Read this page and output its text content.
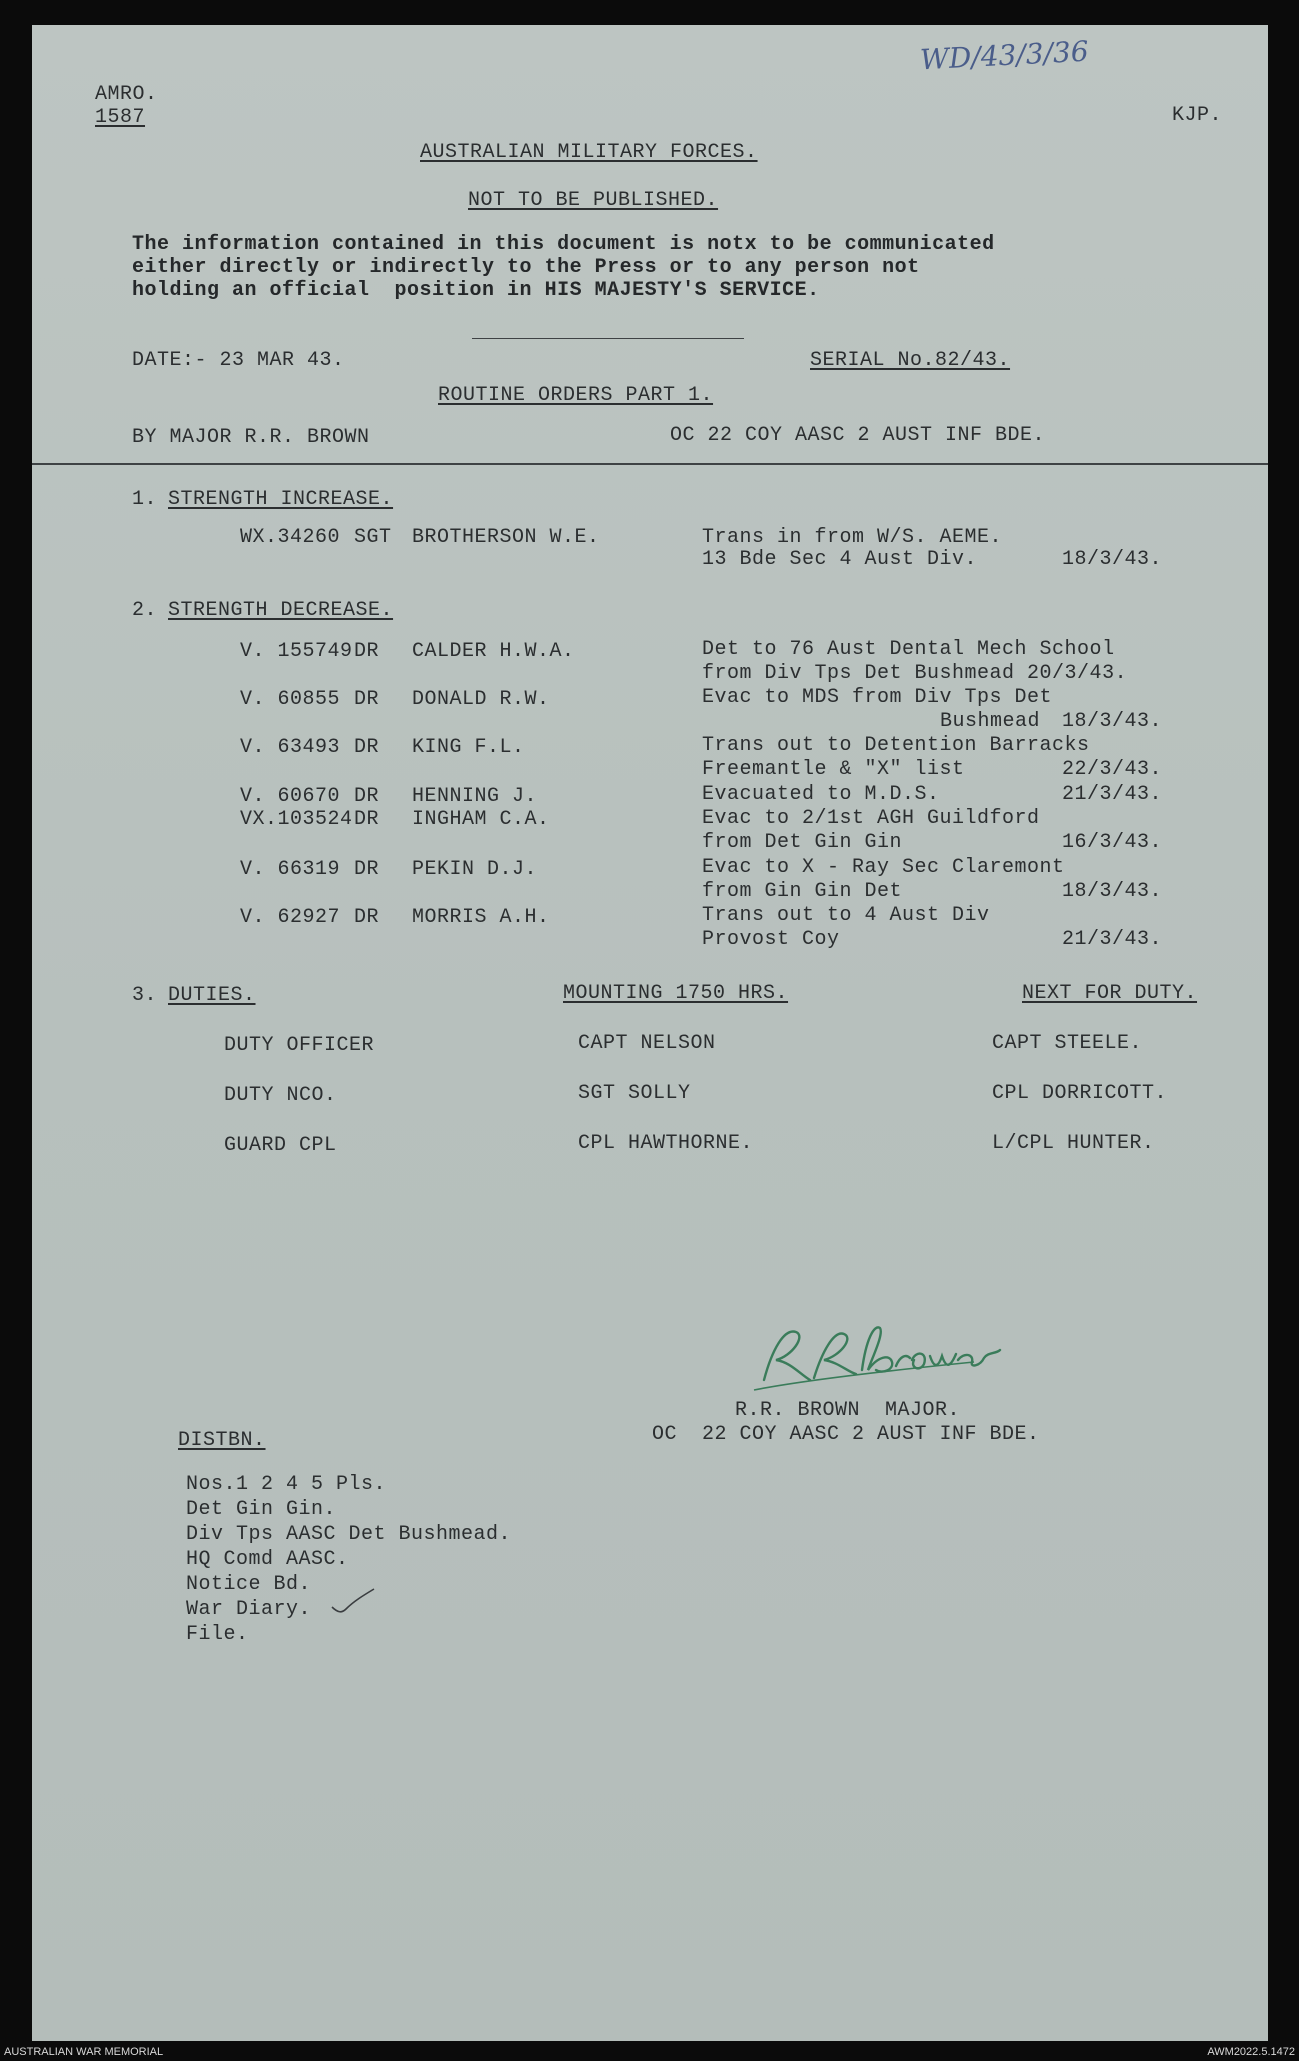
WD/43/3/36
AMRO.
1587	KJP.
AUSTRALIAN MILITARY FORCES.
NOT TO BE PUBLISHED.
The information contained in this document is notx to be communicated
either directly or indirectly to the Press or to any person not
holding an official  position in HIS MAJESTY'S SERVICE.
DATE:- 23 MAR 43.	SERIAL No.82/43.
ROUTINE ORDERS PART 1.
BY MAJOR R.R. BROWN	OC 22 COY AASC 2 AUST INF BDE.
1. STRENGTH INCREASE.
WX.34260 SGT BROTHERSON W.E.	Trans in from W/S. AEME.
13 Bde Sec 4 Aust Div.	18/3/43.
2. STRENGTH DECREASE.
V. 155749 DR CALDER H.W.A.	Det to 76 Aust Dental Mech School
from Div Tps Det Bushmead 20/3/43.
V. 60855 DR DONALD R.W.	Evac to MDS from Div Tps Det
Bushmead 18/3/43.
V. 63493 DR KING F.L.	Trans out to Detention Barracks
Freemantle & "X" list	22/3/43.
V. 60670 DR HENNING J.	Evacuated to M.D.S.	21/3/43.
VX.103524 DR INGHAM C.A.	Evac to 2/1st AGH Guildford
from Det Gin Gin	16/3/43.
V. 66319 DR PEKIN D.J.	Evac to X - Ray Sec Claremont
from Gin Gin Det	18/3/43.
V. 62927 DR MORRIS A.H.	Trans out to 4 Aust Div
Provost Coy	21/3/43.
3. DUTIES.	MOUNTING 1750 HRS.	NEXT FOR DUTY.
DUTY OFFICER	CAPT NELSON	CAPT STEELE.
DUTY NCO.	SGT SOLLY	CPL DORRICOTT.
GUARD CPL	CPL HAWTHORNE.	L/CPL HUNTER.
R.R. BROWN  MAJOR.
OC  22 COY AASC 2 AUST INF BDE.
DISTBN.
Nos.1 2 4 5 Pls.
Det Gin Gin.
Div Tps AASC Det Bushmead.
HQ Comd AASC.
Notice Bd.
War Diary.
File.
AUSTRALIAN WAR MEMORIAL	AWM2022.5.1472
